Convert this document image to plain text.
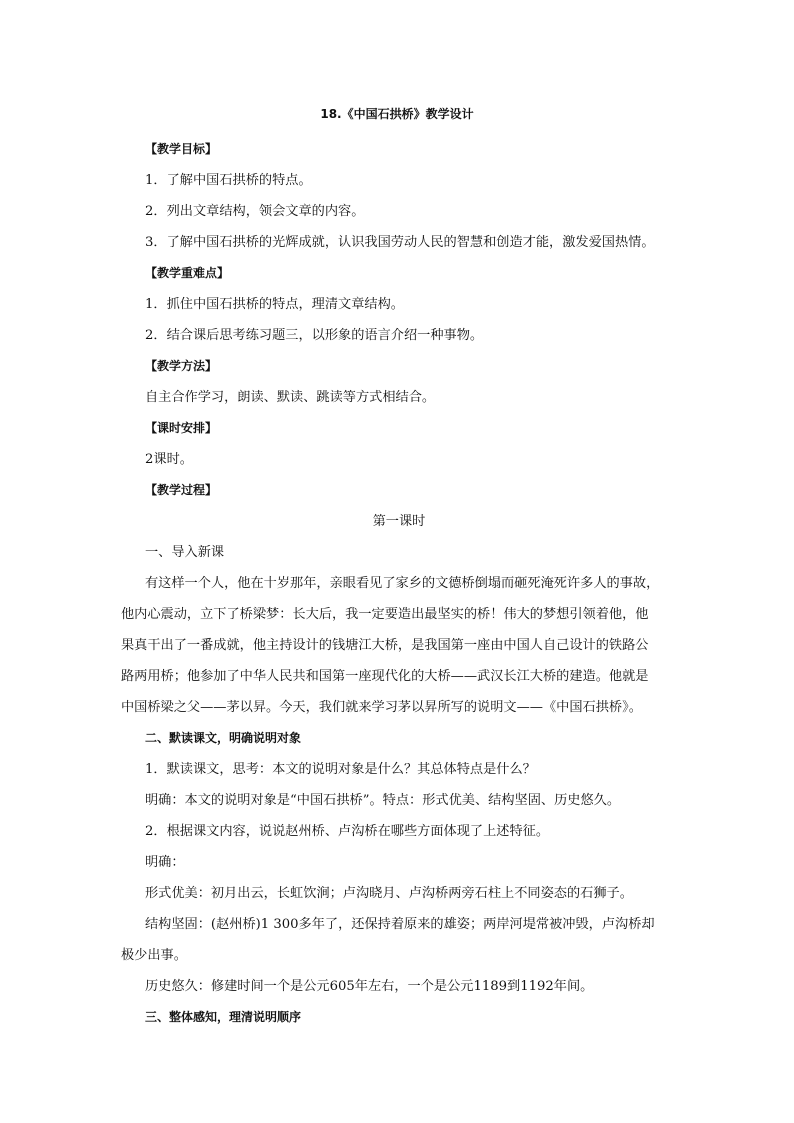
18.《中国石拱桥》教学设计
【教学目标】
1．了解中国石拱桥的特点。
2．列出文章结构，领会文章的内容。
3．了解中国石拱桥的光辉成就，认识我国劳动人民的智慧和创造才能，激发爱国热情。
【教学重难点】
1．抓住中国石拱桥的特点，理清文章结构。
2．结合课后思考练习题三，以形象的语言介绍一种事物。
【教学方法】
自主合作学习，朗读、默读、跳读等方式相结合。
【课时安排】
2课时。
【教学过程】
第一课时
一、导入新课
有这样一个人，他在十岁那年，亲眼看见了家乡的文德桥倒塌而砸死淹死许多人的事故，
他内心震动，立下了桥梁梦：长大后，我一定要造出最坚实的桥！伟大的梦想引领着他，他
果真干出了一番成就，他主持设计的钱塘江大桥，是我国第一座由中国人自己设计的铁路公
路两用桥；他参加了中华人民共和国第一座现代化的大桥——武汉长江大桥的建造。他就是
中国桥梁之父——茅以昇。今天，我们就来学习茅以昇所写的说明文——《中国石拱桥》。
二、默读课文，明确说明对象
1．默读课文，思考：本文的说明对象是什么？其总体特点是什么？
明确：本文的说明对象是“中国石拱桥”。特点：形式优美、结构坚固、历史悠久。
2．根据课文内容，说说赵州桥、卢沟桥在哪些方面体现了上述特征。
明确：
形式优美：初月出云，长虹饮涧；卢沟晓月、卢沟桥两旁石柱上不同姿态的石狮子。
结构坚固：(赵州桥)1 300多年了，还保持着原来的雄姿；两岸河堤常被冲毁，卢沟桥却
极少出事。
历史悠久：修建时间一个是公元605年左右，一个是公元1189到1192年间。
三、整体感知，理清说明顺序
